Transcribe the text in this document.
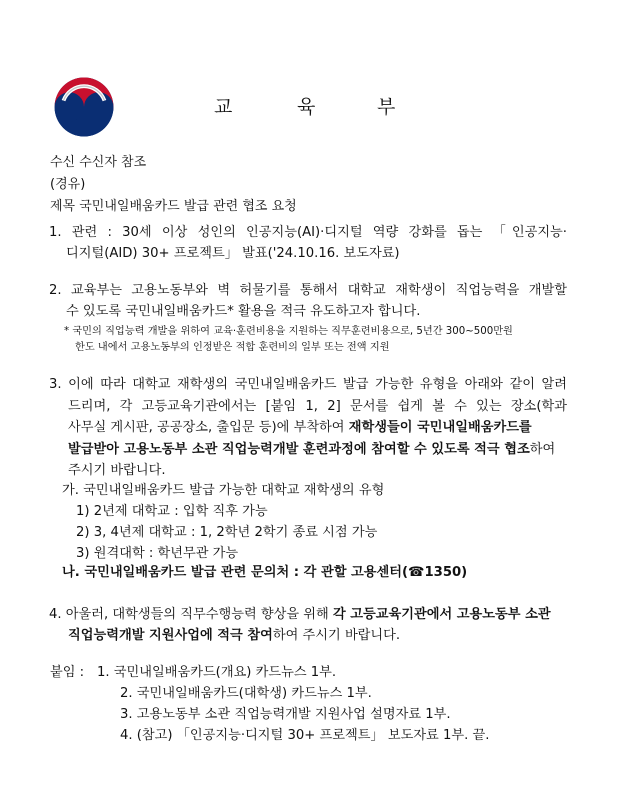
교	육	부
수신 수신자 참조
(경유)
제목 국민내일배움카드 발급 관련 협조 요청
1. 관련 : 30세 이상 성인의 인공지능(AI)·디지털 역량 강화를 돕는 「인공지능·
디지털(AID) 30+ 프로젝트」 발표('24.10.16. 보도자료)
2. 교육부는 고용노동부와 벽 허물기를 통해서 대학교 재학생이 직업능력을 개발할
수 있도록 국민내일배움카드* 활용을 적극 유도하고자 합니다.
* 국민의 직업능력 개발을 위하여 교육·훈련비용을 지원하는 직무훈련비용으로, 5년간 300~500만원
한도 내에서 고용노동부의 인정받은 적합 훈련비의 일부 또는 전액 지원
3. 이에 따라 대학교 재학생의 국민내일배움카드 발급 가능한 유형을 아래와 같이 알려
드리며, 각 고등교육기관에서는 [붙임 1, 2] 문서를 쉽게 볼 수 있는 장소(학과
사무실 게시판, 공공장소, 출입문 등)에 부착하여 재학생들이 국민내일배움카드를
발급받아 고용노동부 소관 직업능력개발 훈련과정에 참여할 수 있도록 적극 협조하여
주시기 바랍니다.
가. 국민내일배움카드 발급 가능한 대학교 재학생의 유형
1) 2년제 대학교 : 입학 직후 가능
2) 3, 4년제 대학교 : 1, 2학년 2학기 종료 시점 가능
3) 원격대학 : 학년무관 가능
나. 국민내일배움카드 발급 관련 문의처 : 각 관할 고용센터(☎1350)
4. 아울러, 대학생들의 직무수행능력 향상을 위해 각 고등교육기관에서 고용노동부 소관
직업능력개발 지원사업에 적극 참여하여 주시기 바랍니다.
붙임 : 1. 국민내일배움카드(개요) 카드뉴스 1부.
2. 국민내일배움카드(대학생) 카드뉴스 1부.
3. 고용노동부 소관 직업능력개발 지원사업 설명자료 1부.
4. (참고) 「인공지능·디지털 30+ 프로젝트」 보도자료 1부. 끝.
